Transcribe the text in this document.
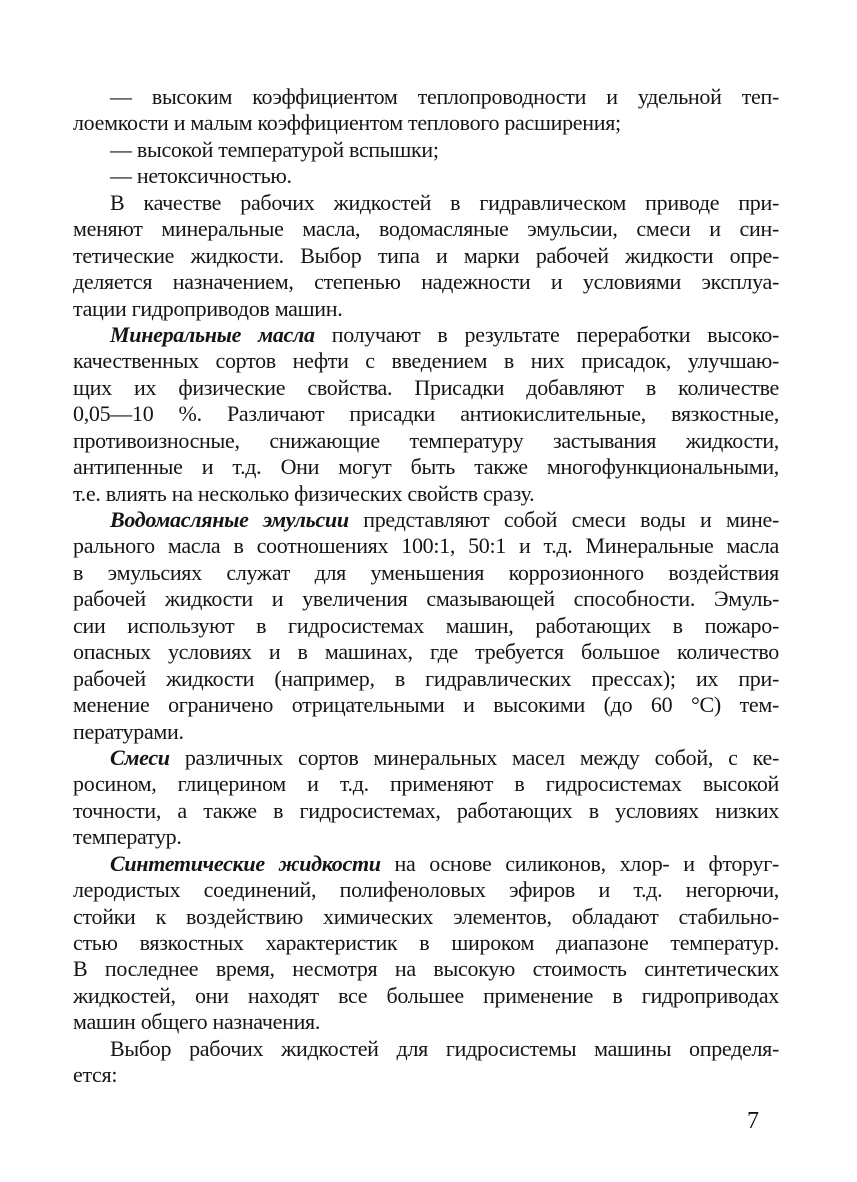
— высоким коэффициентом теплопроводности и удельной теп-
лоемкости и малым коэффициентом теплового расширения;
— высокой температурой вспышки;
— нетоксичностью.
В качестве рабочих жидкостей в гидравлическом приводе при-
меняют минеральные масла, водомасляные эмульсии, смеси и син-
тетические жидкости. Выбор типа и марки рабочей жидкости опре-
деляется назначением, степенью надежности и условиями эксплуа-
тации гидроприводов машин.
Минеральные масла получают в результате переработки высоко-
качественных сортов нефти с введением в них присадок, улучшаю-
щих их физические свойства. Присадки добавляют в количестве
0,05—10 %. Различают присадки антиокислительные, вязкостные,
противоизносные, снижающие температуру застывания жидкости,
антипенные и т.д. Они могут быть также многофункциональными,
т.е. влиять на несколько физических свойств сразу.
Водомасляные эмульсии представляют собой смеси воды и мине-
рального масла в соотношениях 100:1, 50:1 и т.д. Минеральные масла
в эмульсиях служат для уменьшения коррозионного воздействия
рабочей жидкости и увеличения смазывающей способности. Эмуль-
сии используют в гидросистемах машин, работающих в пожаро-
опасных условиях и в машинах, где требуется большое количество
рабочей жидкости (например, в гидравлических прессах); их при-
менение ограничено отрицательными и высокими (до 60 °С) тем-
пературами.
Смеси различных сортов минеральных масел между собой, с ке-
росином, глицерином и т.д. применяют в гидросистемах высокой
точности, а также в гидросистемах, работающих в условиях низких
температур.
Синтетические жидкости на основе силиконов, хлор- и фторуг-
леродистых соединений, полифеноловых эфиров и т.д. негорючи,
стойки к воздействию химических элементов, обладают стабильно-
стью вязкостных характеристик в широком диапазоне температур.
В последнее время, несмотря на высокую стоимость синтетических
жидкостей, они находят все большее применение в гидроприводах
машин общего назначения.
Выбор рабочих жидкостей для гидросистемы машины определя-
ется:
7
